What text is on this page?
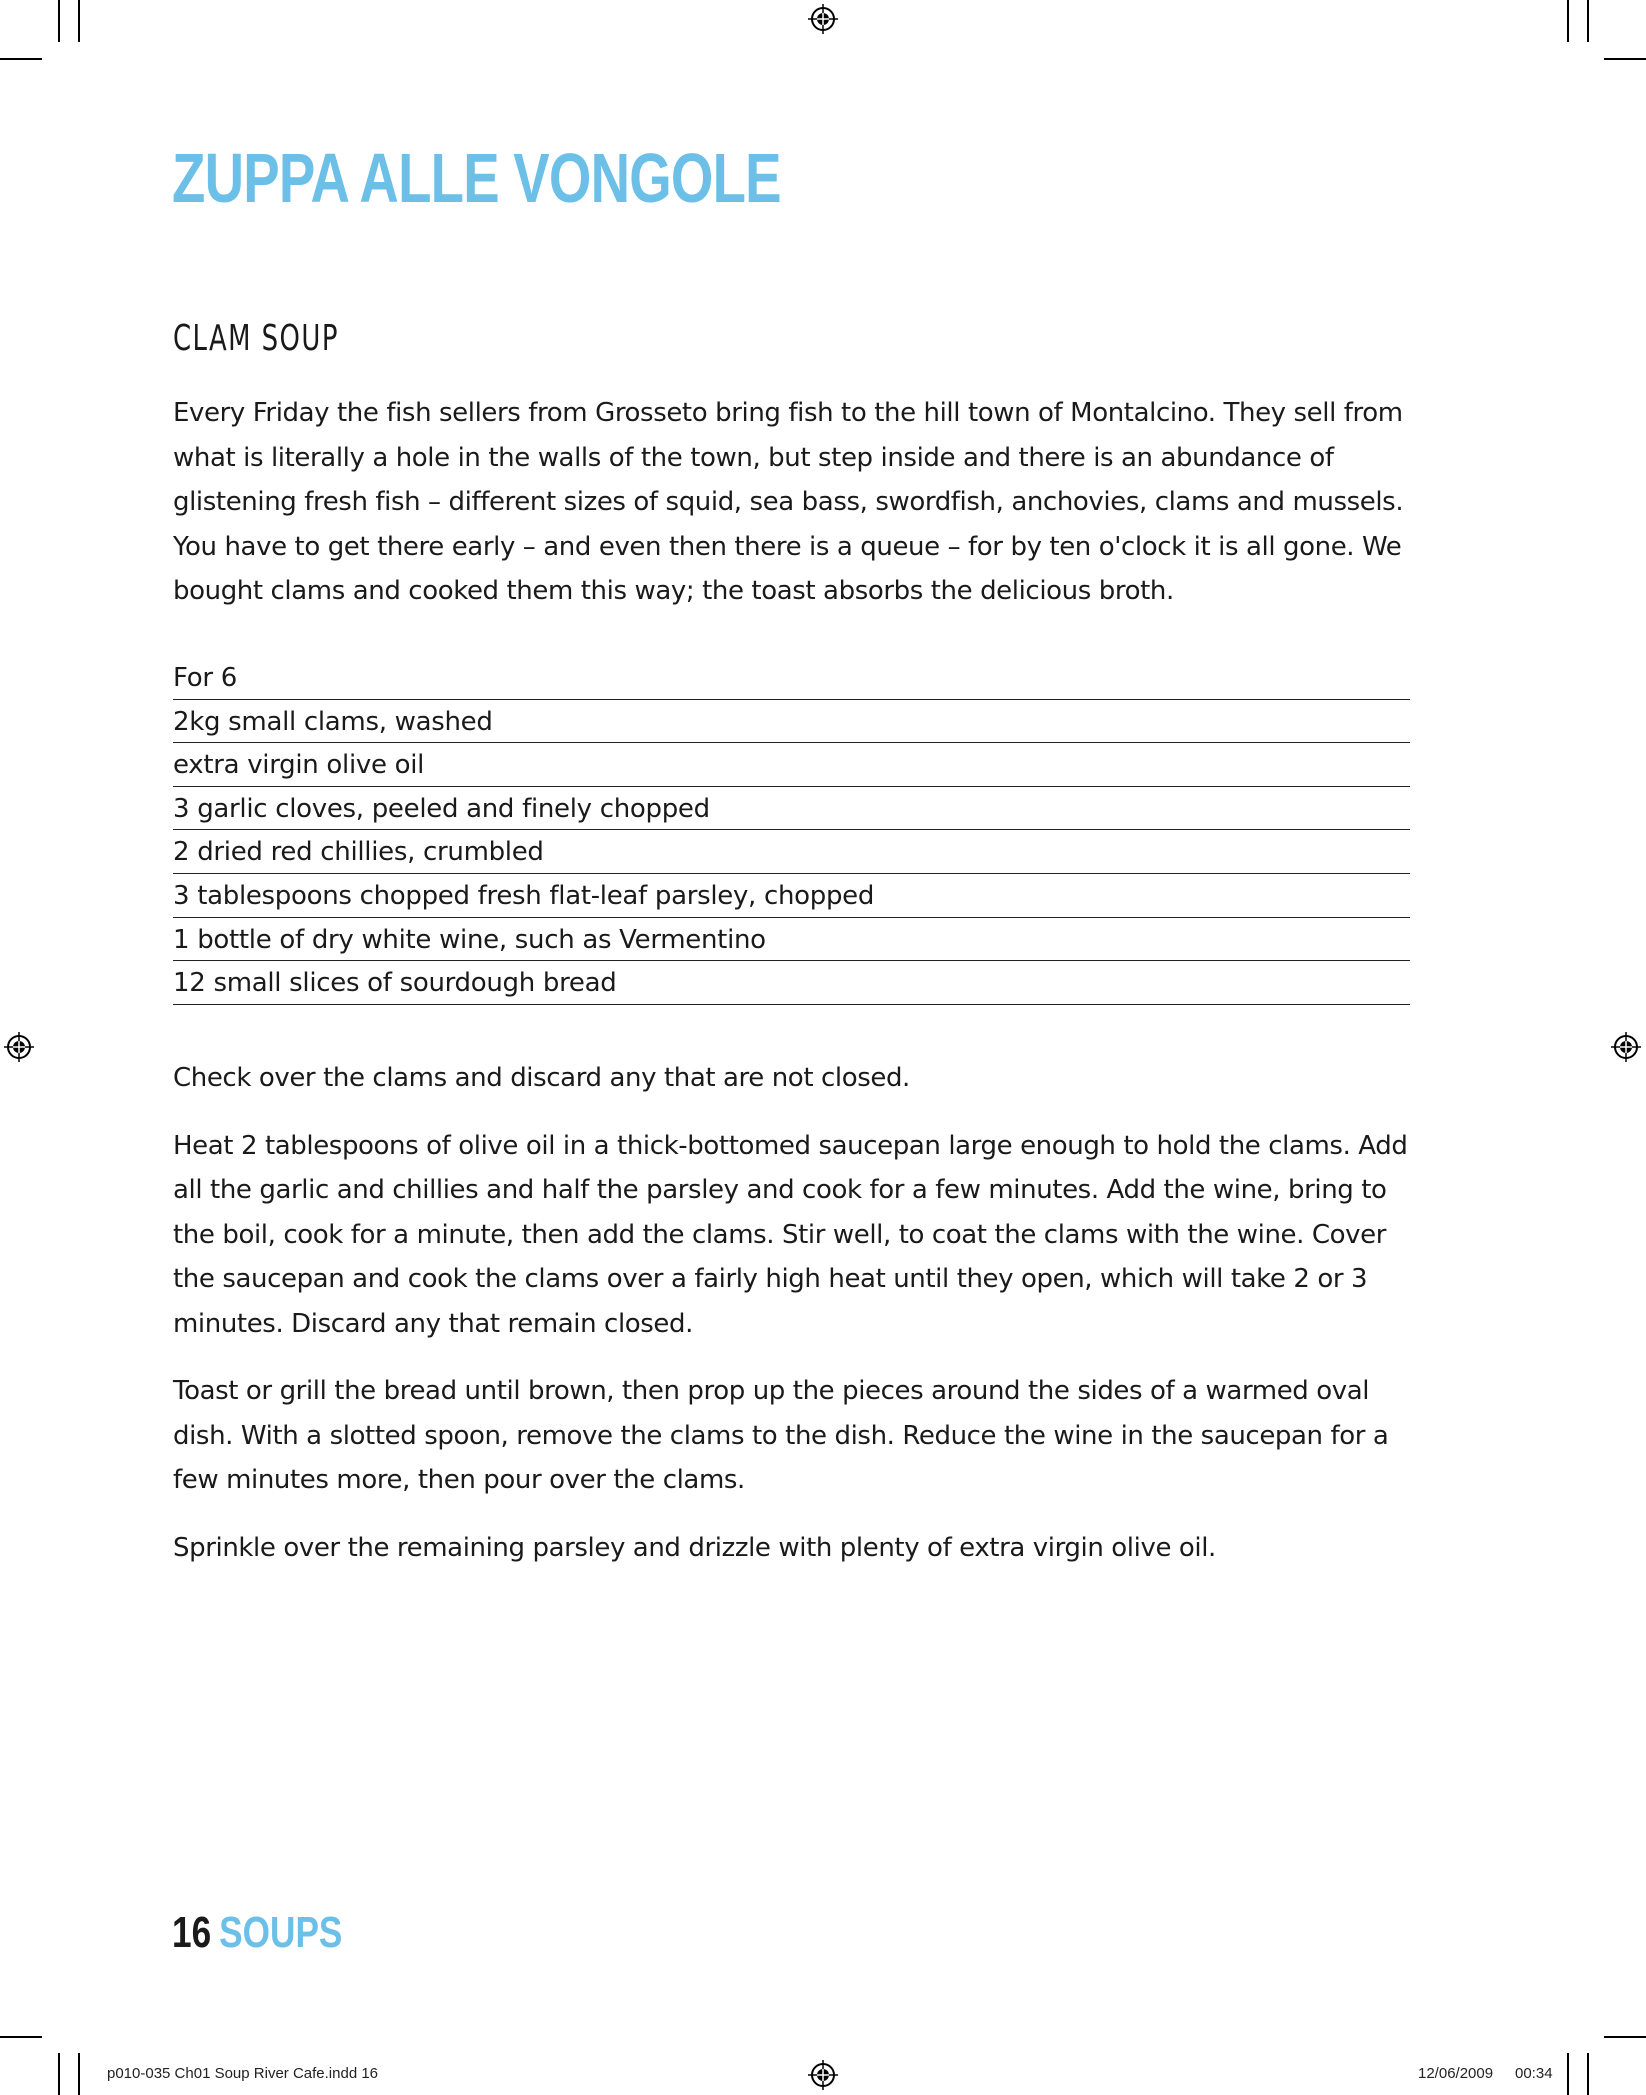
ZUPPA ALLE VONGOLE
CLAM SOUP

Every Friday the fish sellers from Grosseto bring fish to the hill town of Montalcino. They sell from what is literally a hole in the walls of the town, but step inside and there is an abundance of glistening fresh fish – different sizes of squid, sea bass, swordfish, anchovies, clams and mussels. You have to get there early – and even then there is a queue – for by ten o'clock it is all gone. We bought clams and cooked them this way; the toast absorbs the delicious broth.

For 6
2kg small clams, washed
extra virgin olive oil
3 garlic cloves, peeled and finely chopped
2 dried red chillies, crumbled
3 tablespoons chopped fresh flat-leaf parsley, chopped
1 bottle of dry white wine, such as Vermentino
12 small slices of sourdough bread

Check over the clams and discard any that are not closed.

Heat 2 tablespoons of olive oil in a thick-bottomed saucepan large enough to hold the clams. Add all the garlic and chillies and half the parsley and cook for a few minutes. Add the wine, bring to the boil, cook for a minute, then add the clams. Stir well, to coat the clams with the wine. Cover the saucepan and cook the clams over a fairly high heat until they open, which will take 2 or 3 minutes. Discard any that remain closed.

Toast or grill the bread until brown, then prop up the pieces around the sides of a warmed oval dish. With a slotted spoon, remove the clams to the dish. Reduce the wine in the saucepan for a few minutes more, then pour over the clams.

Sprinkle over the remaining parsley and drizzle with plenty of extra virgin olive oil.

16 SOUPS
p010-035 Ch01 Soup River Cafe.indd 16	12/06/2009 00:34
